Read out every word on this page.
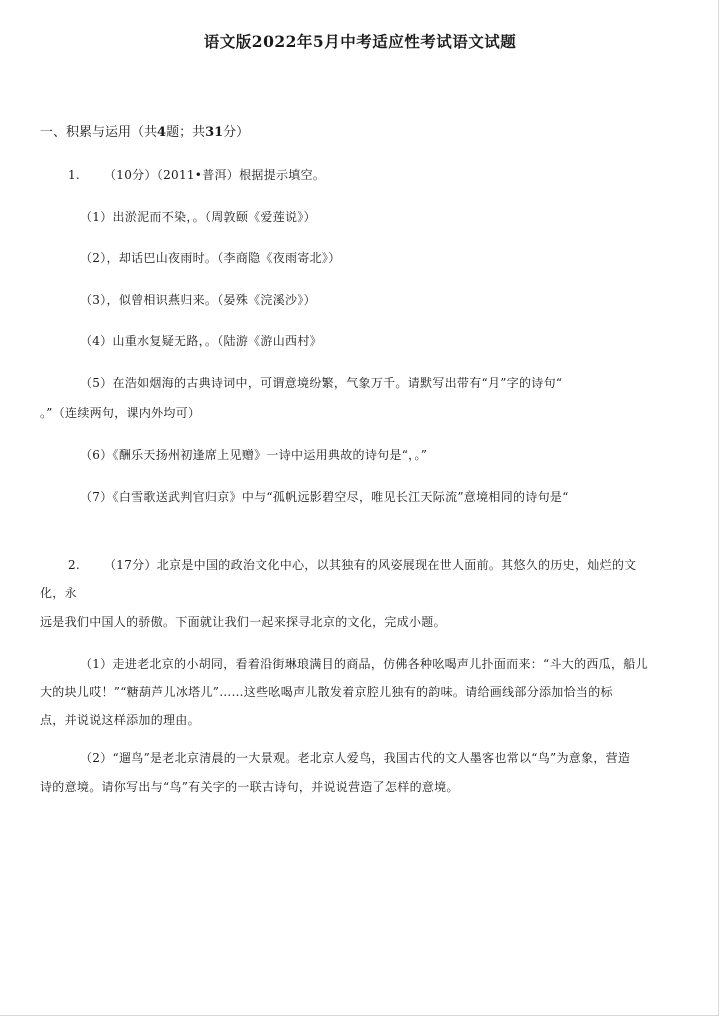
语文版2022年5月中考适应性考试语文试题
一、积累与运用（共4题；共31分）
1. （10分）（2011•普洱）根据提示填空。
（1）出淤泥而不染，。（周敦颐《爱莲说》）
（2），却话巴山夜雨时。（李商隐《夜雨寄北》）
（3），似曾相识燕归来。（晏殊《浣溪沙》）
（4）山重水复疑无路，。（陆游《游山西村》
（5）在浩如烟海的古典诗词中，可谓意境纷繁，气象万千。请默写出带有“月”字的诗句“
。”（连续两句，课内外均可）
（6）《酬乐天扬州初逢席上见赠》一诗中运用典故的诗句是“，。”
（7）《白雪歌送武判官归京》中与“孤帆远影碧空尽，唯见长江天际流”意境相同的诗句是“
2. （17分）北京是中国的政治文化中心，以其独有的风姿展现在世人面前。其悠久的历史，灿烂的文
化，永
远是我们中国人的骄傲。下面就让我们一起来探寻北京的文化，完成小题。
（1）走进老北京的小胡同，看着沿街琳琅满目的商品，仿佛各种吆喝声儿扑面而来：“斗大的西瓜，船儿
大的块儿哎！”“糖葫芦儿冰塔儿”……这些吆喝声儿散发着京腔儿独有的韵味。请给画线部分添加恰当的标
点，并说说这样添加的理由。
（2）“遛鸟”是老北京清晨的一大景观。老北京人爱鸟，我国古代的文人墨客也常以“鸟”为意象，营造
诗的意境。请你写出与“鸟”有关字的一联古诗句，并说说营造了怎样的意境。
